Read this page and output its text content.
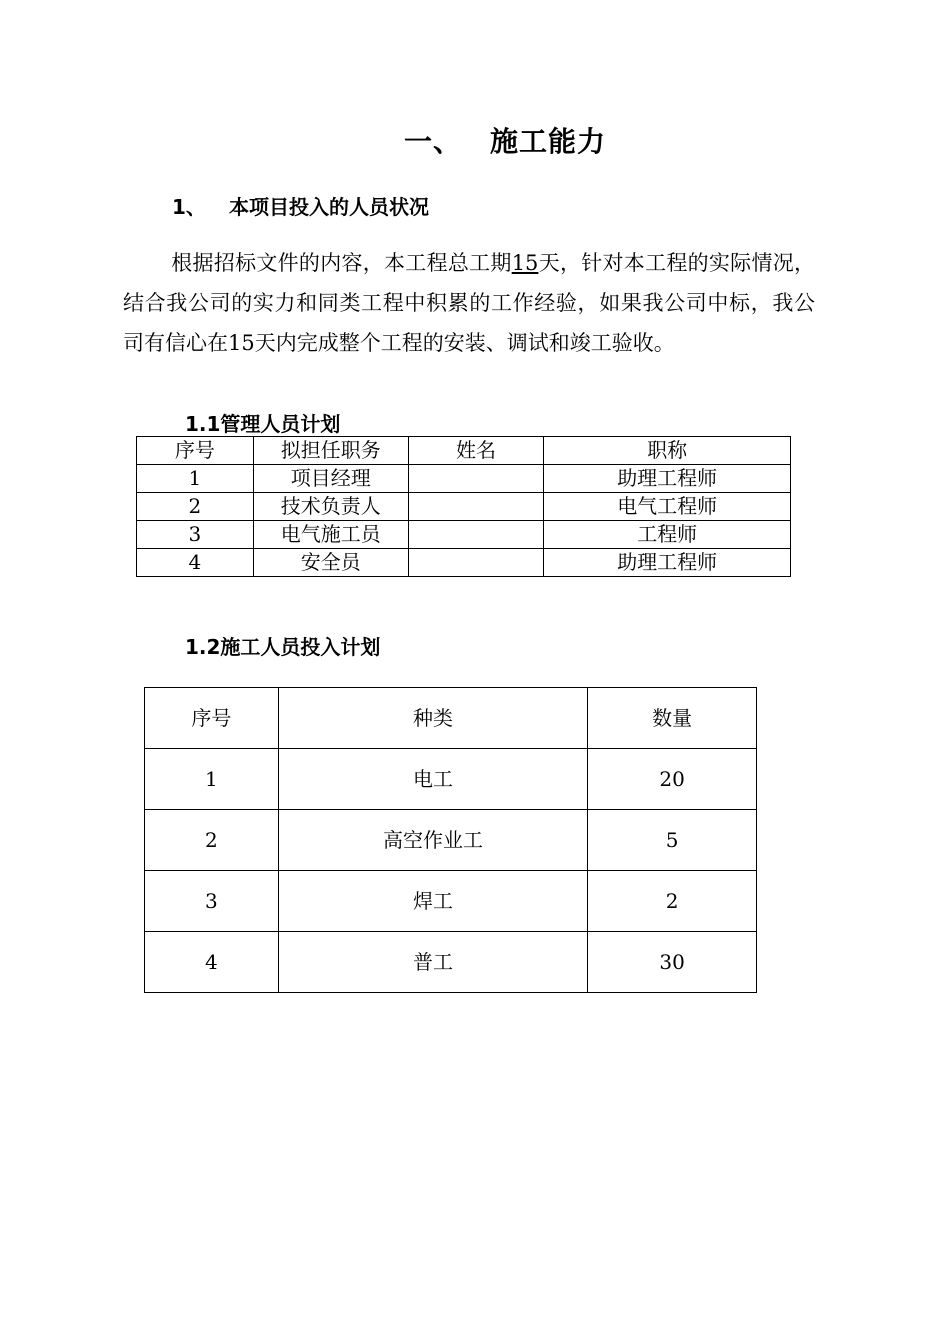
一、 施工能力
1、 本项目投入的人员状况
根据招标文件的内容，本工程总工期15天，针对本工程的实际情况，结合我公司的实力和同类工程中积累的工作经验，如果我公司中标，我公司有信心在15天内完成整个工程的安装、调试和竣工验收。
1.1管理人员计划
序号	拟担任职务	姓名	职称
1	项目经理		助理工程师
2	技术负责人		电气工程师
3	电气施工员		工程师
4	安全员		助理工程师
1.2施工人员投入计划
序号	种类	数量
1	电工	20
2	高空作业工	5
3	焊工	2
4	普工	30
